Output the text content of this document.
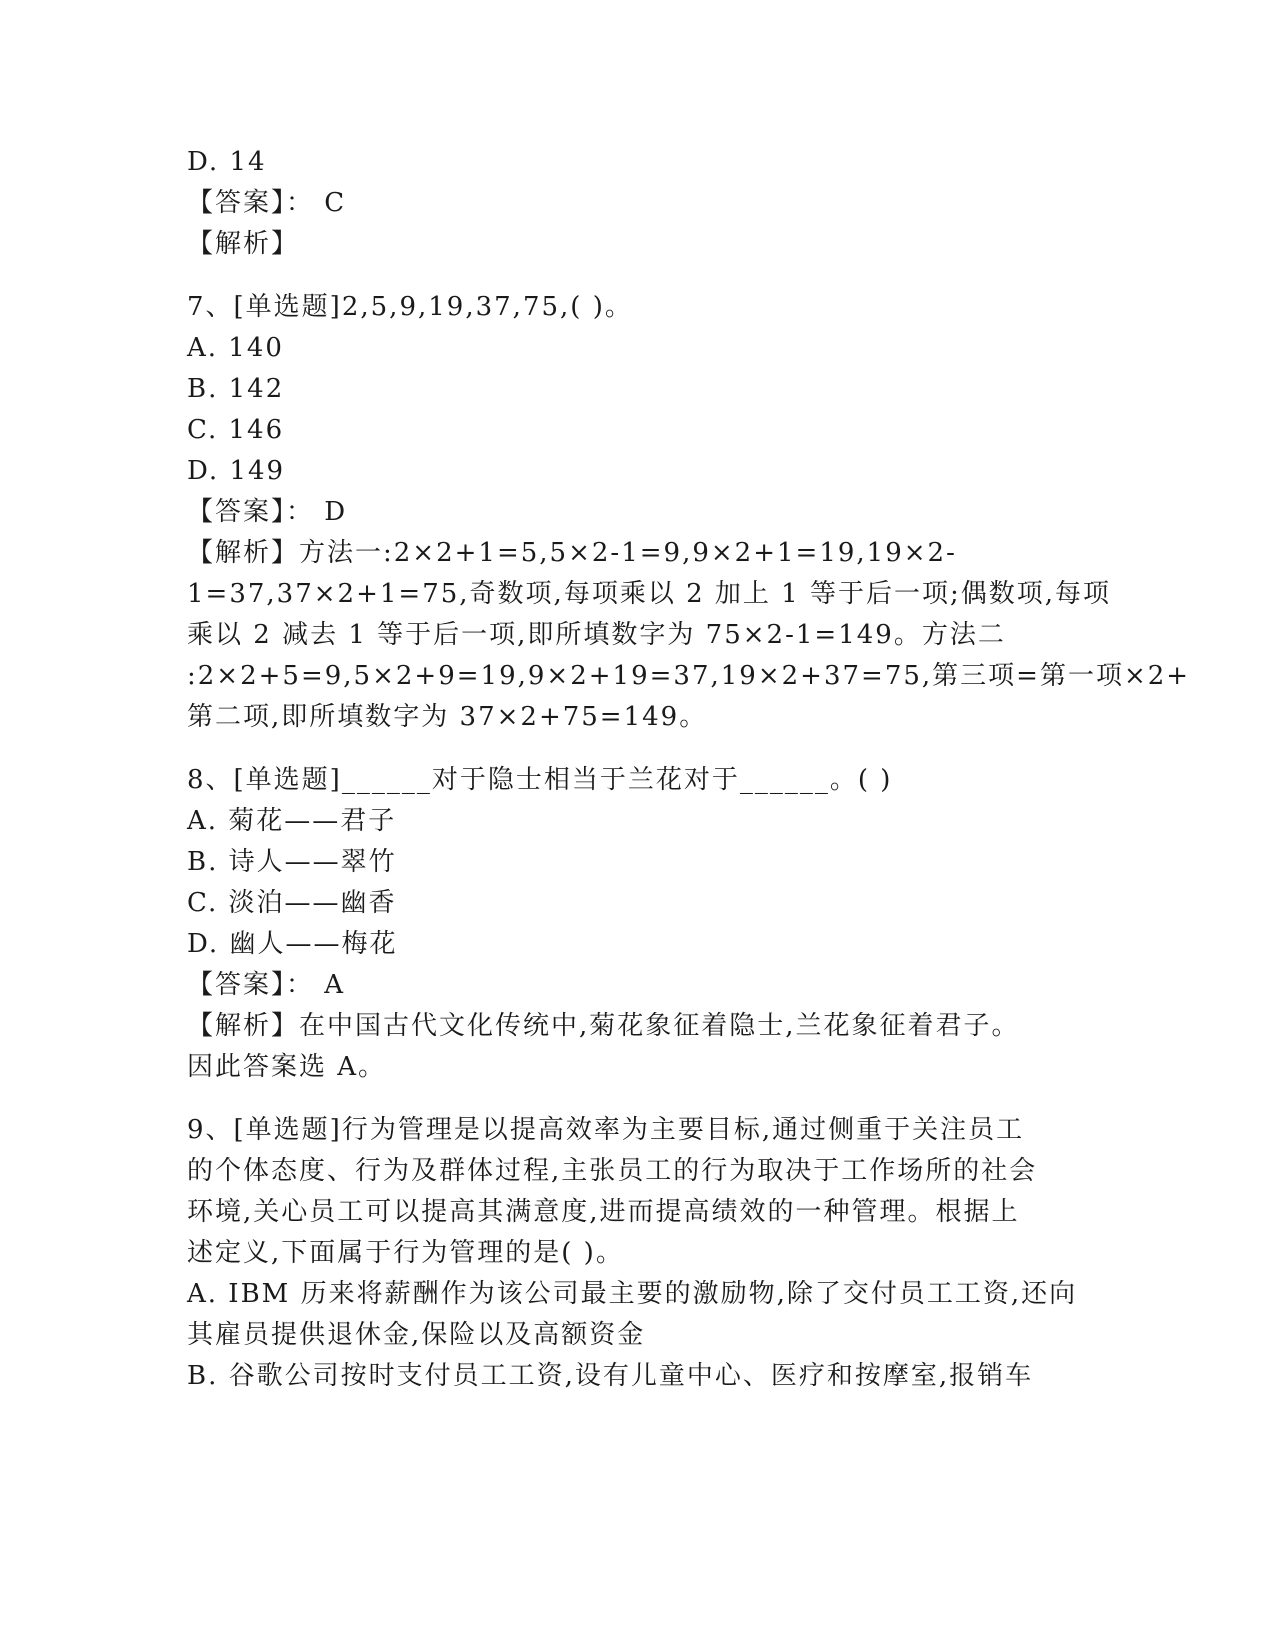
D. 14
【答案】： C
【解析】
7、[单选题]2,5,9,19,37,75,( )。
A. 140
B. 142
C. 146
D. 149
【答案】： D
【解析】方法一:2×2+1=5,5×2-1=9,9×2+1=19,19×2-
1=37,37×2+1=75,奇数项,每项乘以 2 加上 1 等于后一项;偶数项,每项
乘以 2 减去 1 等于后一项,即所填数字为 75×2-1=149。方法二
:2×2+5=9,5×2+9=19,9×2+19=37,19×2+37=75,第三项=第一项×2+
第二项,即所填数字为 37×2+75=149。
8、[单选题]______对于隐士相当于兰花对于______。( )
A. 菊花——君子
B. 诗人——翠竹
C. 淡泊——幽香
D. 幽人——梅花
【答案】： A
【解析】在中国古代文化传统中,菊花象征着隐士,兰花象征着君子。
因此答案选 A。
9、[单选题]行为管理是以提高效率为主要目标,通过侧重于关注员工
的个体态度、行为及群体过程,主张员工的行为取决于工作场所的社会
环境,关心员工可以提高其满意度,进而提高绩效的一种管理。根据上
述定义,下面属于行为管理的是( )。
A. IBM 历来将薪酬作为该公司最主要的激励物,除了交付员工工资,还向
其雇员提供退休金,保险以及高额资金
B. 谷歌公司按时支付员工工资,设有儿童中心、医疗和按摩室,报销车
